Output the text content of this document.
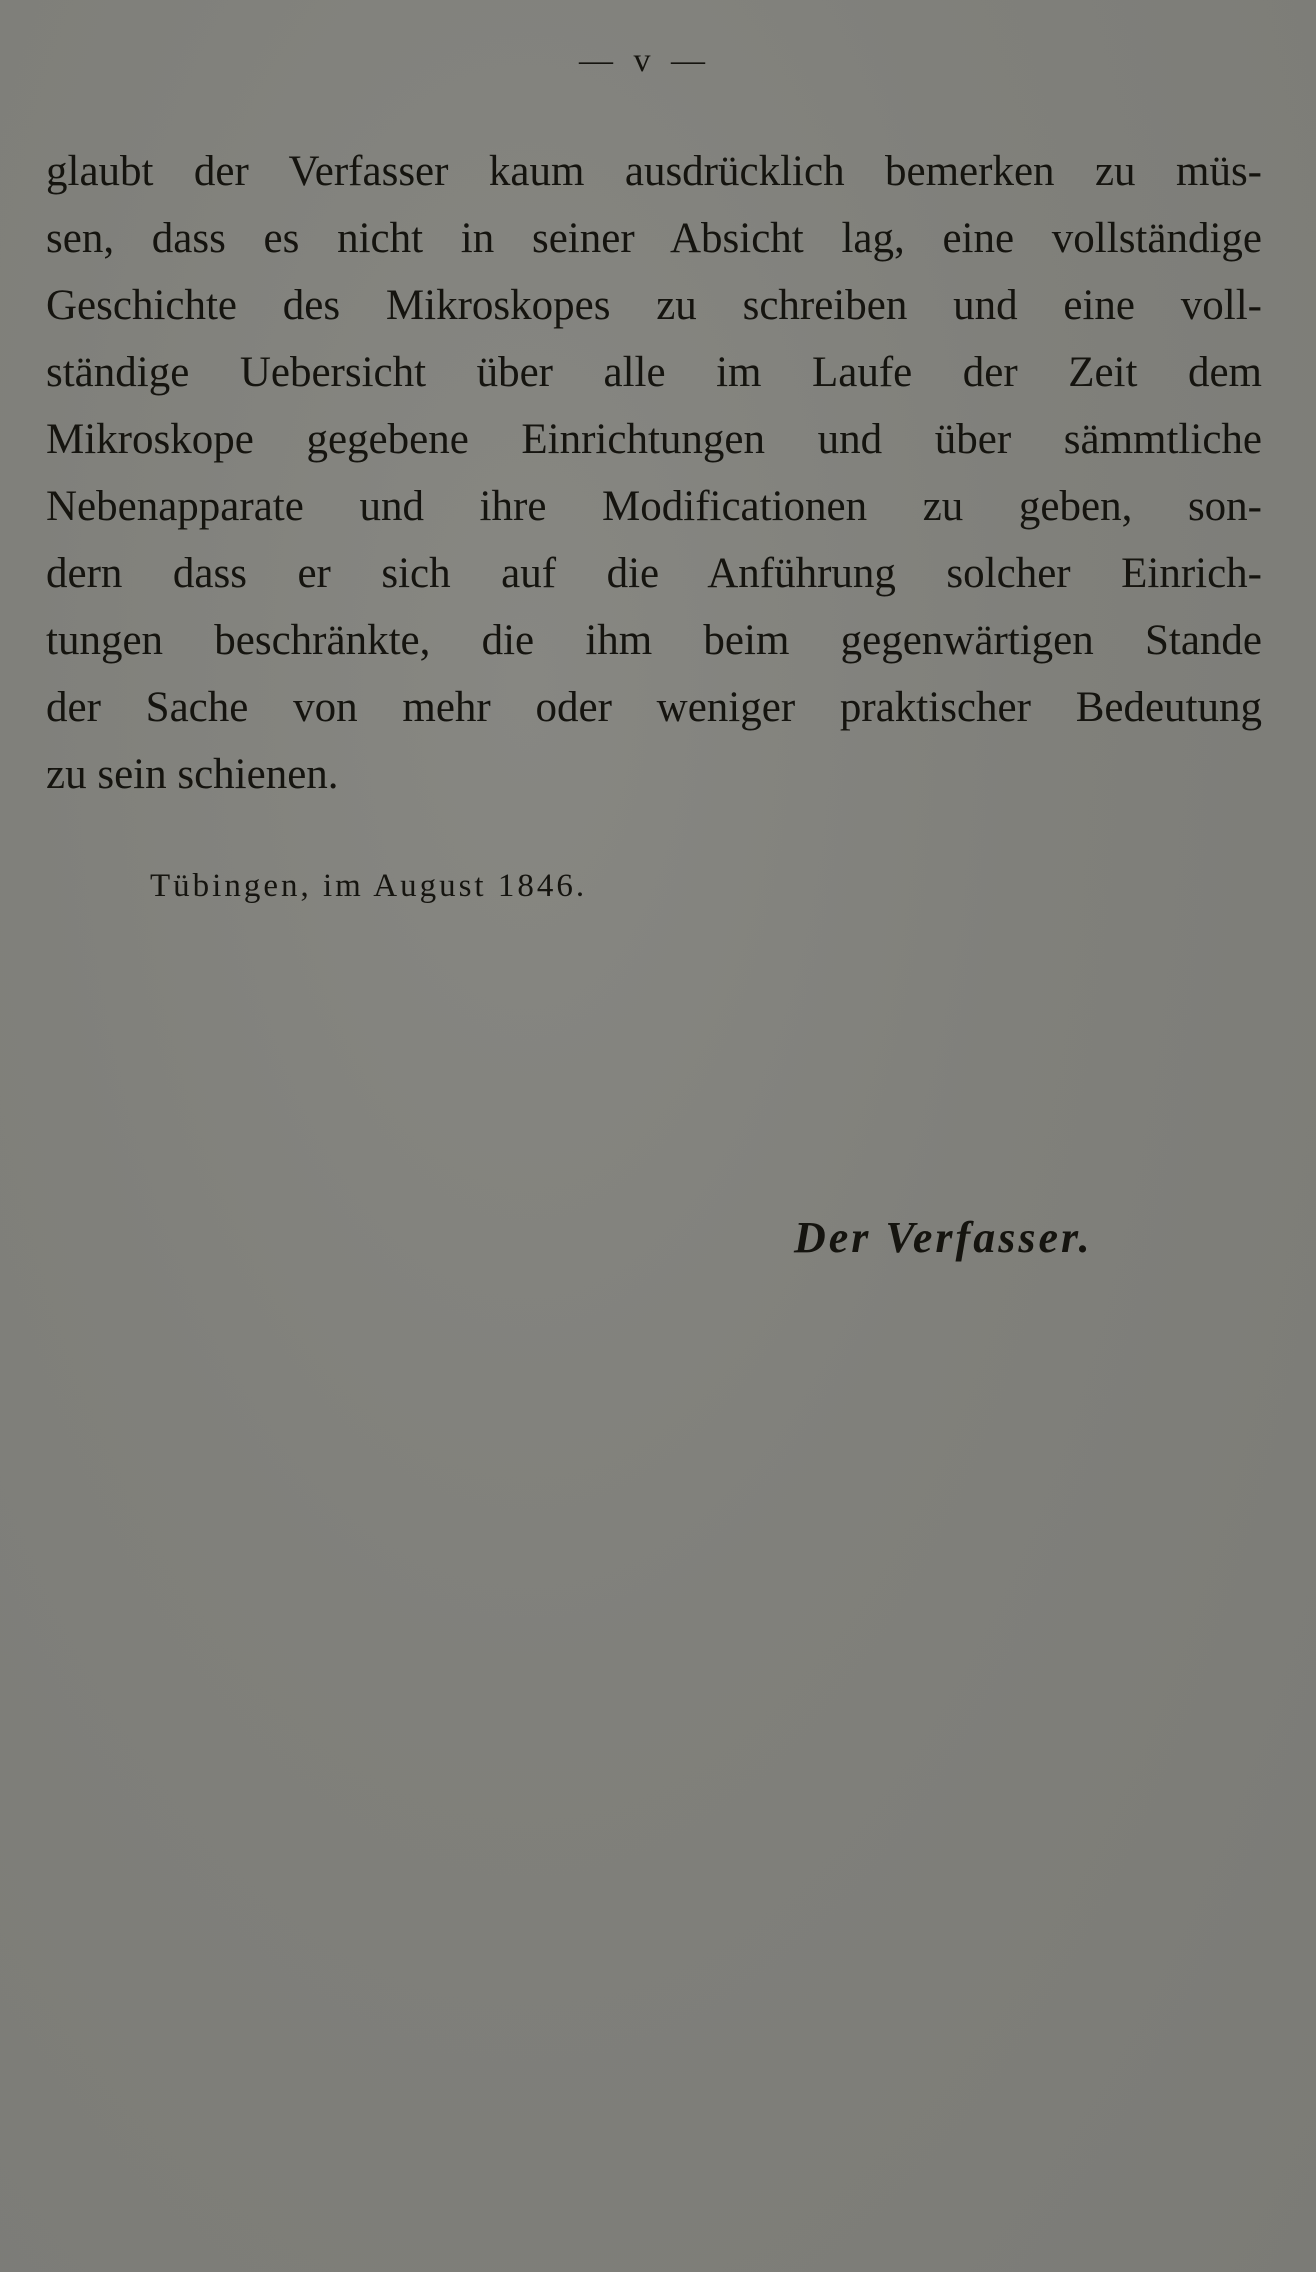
— v —
glaubt der Verfasser kaum ausdrücklich bemerken zu müs-
sen, dass es nicht in seiner Absicht lag, eine vollständige
Geschichte des Mikroskopes zu schreiben und eine voll-
ständige Uebersicht über alle im Laufe der Zeit dem
Mikroskope gegebene Einrichtungen und über sämmtliche
Nebenapparate und ihre Modificationen zu geben, son-
dern dass er sich auf die Anführung solcher Einrich-
tungen beschränkte, die ihm beim gegenwärtigen Stande
der Sache von mehr oder weniger praktischer Bedeutung
zu sein schienen.
Tübingen, im August 1846.
Der Verfasser.
